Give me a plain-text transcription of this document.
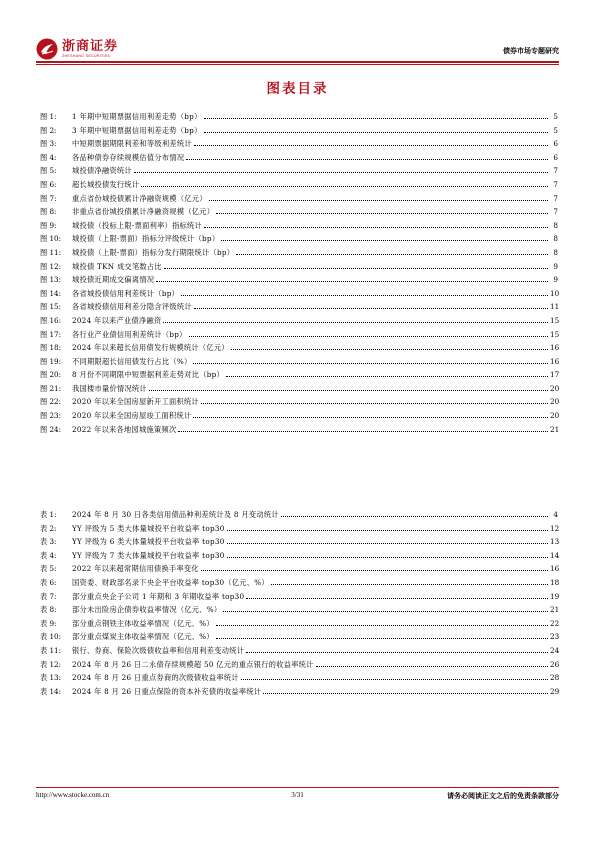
浙商证券
ZHESHANG SECURITIES
债券市场专题研究
图表目录
图 1:	1 年期中短期票据信用利差走势（bp）	5
图 2:	3 年期中短期票据信用利差走势（bp）	5
图 3:	中短期票据期限利差和等级利差统计	6
图 4:	各品种债券存续规模估值分布情况	6
图 5:	城投债净融资统计	7
图 6:	超长城投债发行统计	7
图 7:	重点省份城投债累计净融资规模（亿元）	7
图 8:	非重点省份城投债累计净融资规模（亿元）	7
图 9:	城投债（投标上限-票面利率）指标统计	8
图 10:	城投债（上限-票面）指标分评级统计（bp）	8
图 11:	城投债（上限-票面）指标分发行期限统计（bp）	8
图 12:	城投债 TKN 成交笔数占比	9
图 13:	城投债近期成交偏离情况	9
图 14:	各省城投债信用利差统计（bp）	10
图 15:	各省城投债信用利差分隐含评级统计	11
图 16:	2024 年以来产业债净融资	15
图 17:	各行业产业债信用利差统计（bp）	15
图 18:	2024 年以来超长信用债发行规模统计（亿元）	16
图 19:	不同期限超长信用债发行占比（%）	16
图 20:	8 月份不同期限中短票据利差走势对比（bp）	17
图 21:	我国楼市量价情况统计	20
图 22:	2020 年以来全国房屋新开工面积统计	20
图 23:	2020 年以来全国房屋竣工面积统计	20
图 24:	2022 年以来各地园城施策频次	21
表 1:	2024 年 8 月 30 日各类信用债品种利差统计及 8 月变动统计	4
表 2:	YY 评级为 5 类大体量城投平台收益率 top30	12
表 3:	YY 评级为 6 类大体量城投平台收益率 top30	13
表 4:	YY 评级为 7 类大体量城投平台收益率 top30	14
表 5:	2022 年以来超常期信用债换手率变化	16
表 6:	国资委、财政部名录下央企平台收益率 top30（亿元、%）	18
表 7:	部分重点央企子公司 1 年期和 3 年期收益率 top30	19
表 8:	部分未出险房企债券收益率情况（亿元、%）	21
表 9:	部分重点钢铁主体收益率情况（亿元、%）	22
表 10:	部分重点煤炭主体收益率情况（亿元、%）	23
表 11:	银行、券商、保险次级债收益率和信用利差变动统计	24
表 12:	2024 年 8 月 26 日二永债存续规模超 50 亿元的重点银行的收益率统计	26
表 13:	2024 年 8 月 26 日重点券商的次级债收益率统计	28
表 14:	2024 年 8 月 26 日重点保险的资本补充债的收益率统计	29
http://www.stocke.com.cn	3/31	请务必阅读正文之后的免责条款部分
